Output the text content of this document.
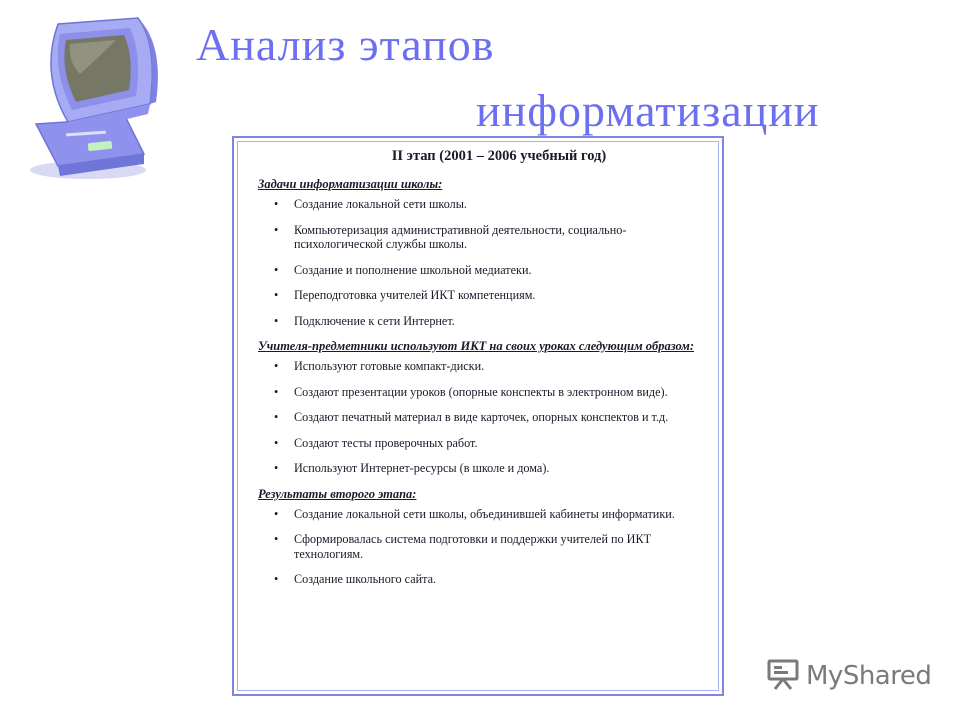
Анализ этапов
информатизации
II этап (2001 – 2006 учебный год)
Задачи информатизации школы:
• Создание локальной сети школы.
• Компьютеризация административной деятельности, социально-психологической службы школы.
• Создание и пополнение школьной медиатеки.
• Переподготовка учителей ИКТ компетенциям.
• Подключение к сети Интернет.
Учителя-предметники используют ИКТ на своих уроках следующим образом:
• Используют готовые компакт-диски.
• Создают презентации уроков (опорные конспекты в электронном виде).
• Создают печатный материал в виде карточек, опорных конспектов и т.д.
• Создают тесты проверочных работ.
• Используют Интернет-ресурсы (в школе и дома).
Результаты второго этапа:
• Создание локальной сети школы, объединившей кабинеты информатики.
• Сформировалась система подготовки и поддержки учителей по ИКТ технологиям.
• Создание школьного сайта.
MyShared
